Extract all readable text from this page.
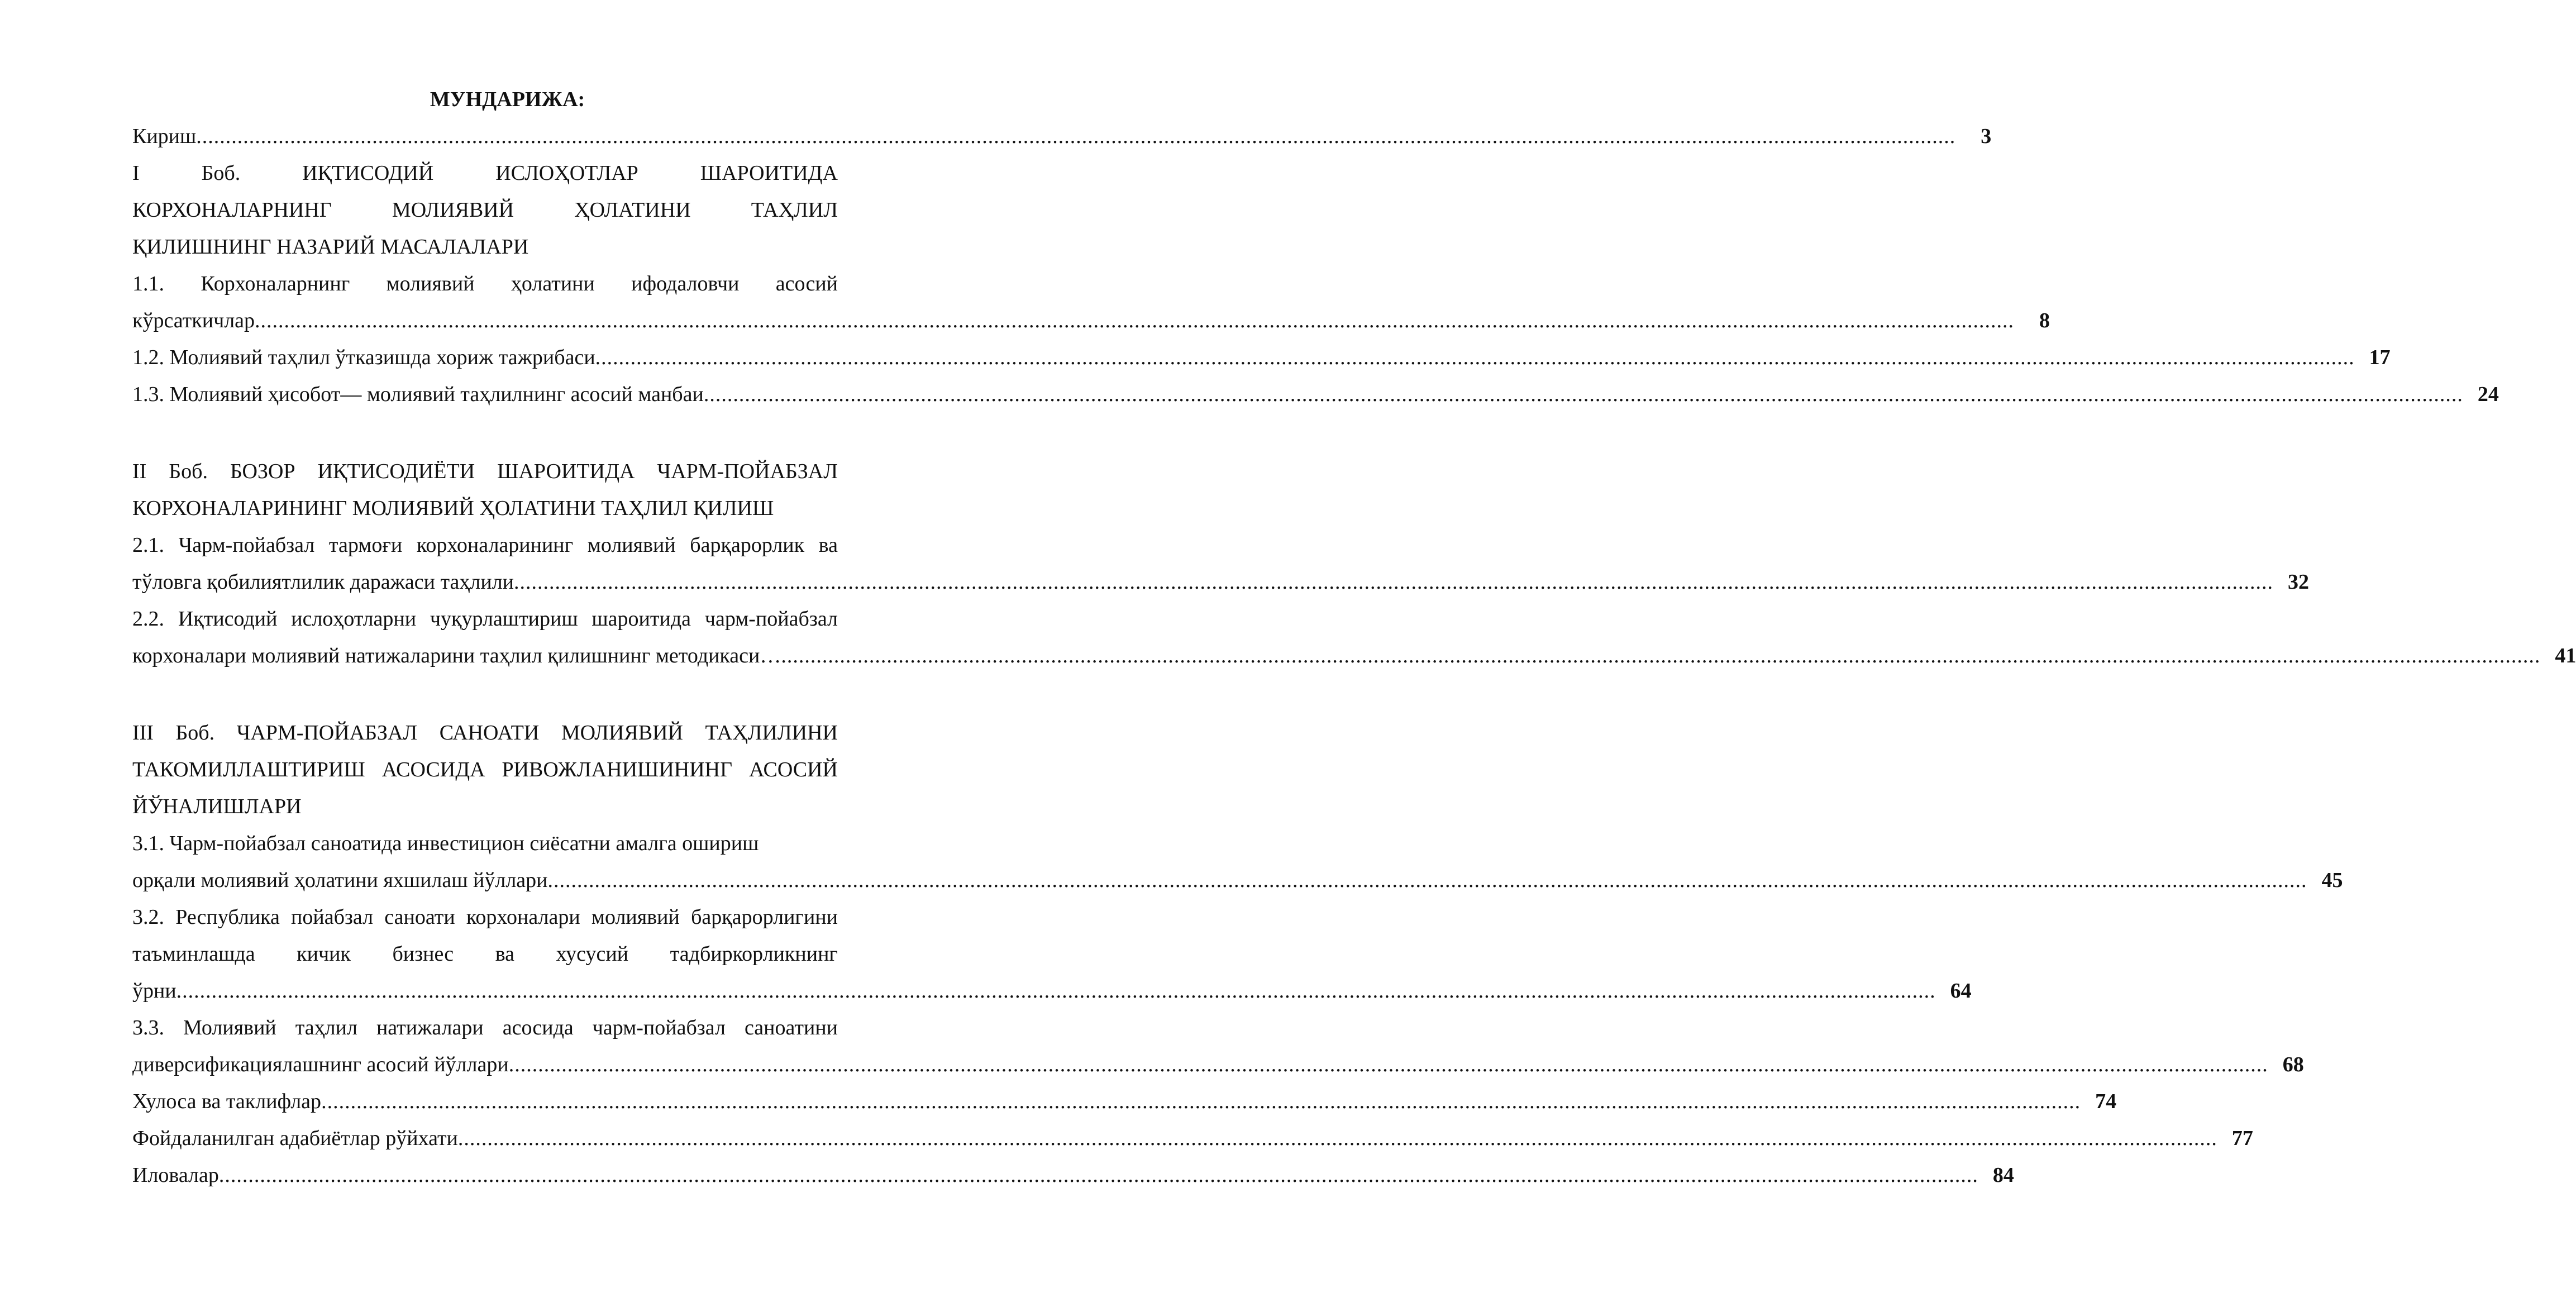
МУНДАРИЖА:
Кириш ............................................................................................................................................................................................................................................................................................................	3
I Боб. ИҚТИСОДИЙ ИСЛОҲОТЛАР ШАРОИТИДА
КОРХОНАЛАРНИНГ МОЛИЯВИЙ ҲОЛАТИНИ ТАҲЛИЛ
ҚИЛИШНИНГ НАЗАРИЙ МАСАЛАЛАРИ
1.1. Корхоналарнинг молиявий ҳолатини ифодаловчи асосий
кўрсаткичлар ............................................................................................................................................................................................................................................................................................................	8
1.2. Молиявий таҳлил ўтказишда хориж тажрибаси ............................................................................................................................................................................................................................................................................................................ 17
1.3. Молиявий ҳисобот— молиявий таҳлилнинг асосий манбаи ............................................................................................................................................................................................................................................................................................................ 24
II Боб. БОЗОР ИҚТИСОДИЁТИ ШАРОИТИДА ЧАРМ-ПОЙАБЗАЛ
КОРХОНАЛАРИНИНГ МОЛИЯВИЙ ҲОЛАТИНИ ТАҲЛИЛ ҚИЛИШ
2.1. Чарм-пойабзал тармоғи корхоналарининг молиявий барқарорлик ва
тўловга қобилиятлилик даражаси таҳлили ............................................................................................................................................................................................................................................................................................................ 32
2.2. Иқтисодий ислоҳотларни чуқурлаштириш шароитида чарм-пойабзал
корхоналари молиявий натижаларини таҳлил қилишнинг методикаси… ............................................................................................................................................................................................................................................................................................................ 41
III Боб. ЧАРМ-ПОЙАБЗАЛ САНОАТИ МОЛИЯВИЙ ТАҲЛИЛИНИ
ТАКОМИЛЛАШТИРИШ АСОСИДА РИВОЖЛАНИШИНИНГ АСОСИЙ
ЙЎНАЛИШЛАРИ
3.1. Чарм-пойабзал саноатида инвестицион сиёсатни амалга ошириш
орқали молиявий ҳолатини яхшилаш йўллари ............................................................................................................................................................................................................................................................................................................ 45
3.2. Республика пойабзал саноати корхоналари молиявий барқарорлигини
таъминлашда кичик бизнес ва хусусий тадбиркорликнинг
ўрни ............................................................................................................................................................................................................................................................................................................ 64
3.3. Молиявий таҳлил натижалари асосида чарм-пойабзал саноатини
диверсификациялашнинг асосий йўллари ............................................................................................................................................................................................................................................................................................................ 68
Хулоса ва таклифлар ............................................................................................................................................................................................................................................................................................................ 74
Фойдаланилган адабиётлар рўйхати ............................................................................................................................................................................................................................................................................................................ 77
Иловалар ............................................................................................................................................................................................................................................................................................................ 84
